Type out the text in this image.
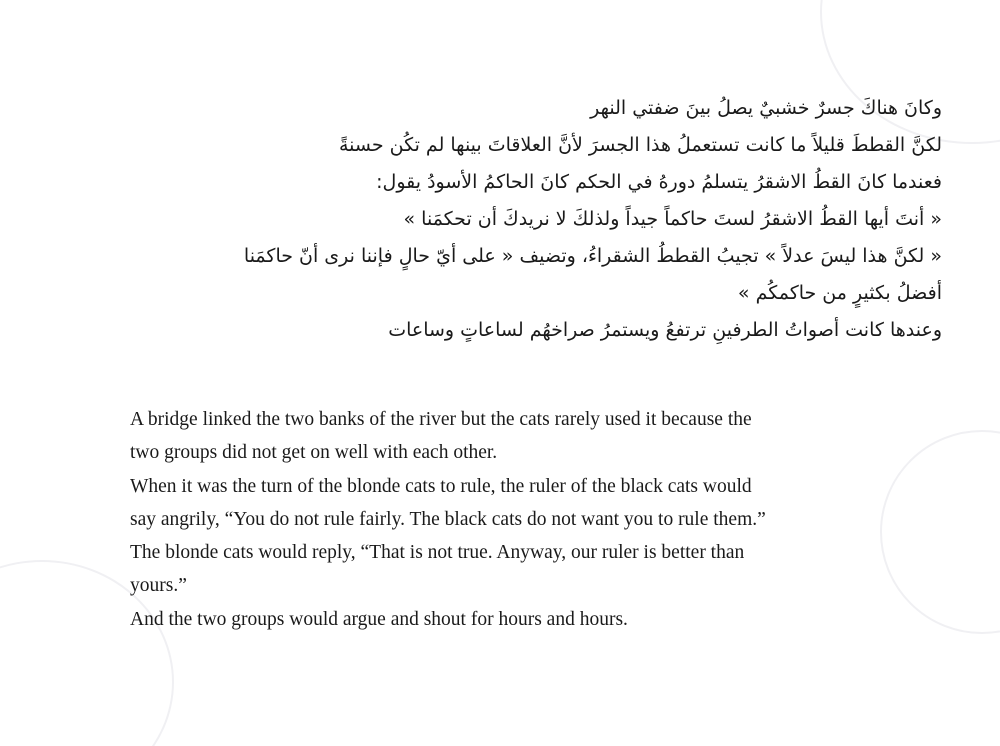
وكانَ هناكَ جسرٌ خشبيٌ يصلُ بينَ ضفتي النهر
لكنَّ القططَ قليلاً ما كانت تستعملُ هذا الجسرَ لأنَّ العلاقاتَ بينها لم تكُن حسنةً
فعندما كانَ القطُ الاشقرُ يتسلمُ دورهُ في الحكم كانَ الحاكمُ الأسودُ يقول:
« أنتَ أيها القطُ الاشقرُ لستَ حاكماً جيداً ولذلكَ لا نريدكَ أن تحكمَنا »
« لكنَّ هذا ليسَ عدلاً » تجيبُ القططُ الشقراءُ، وتضيف « على أيّ حالٍ فإننا نرى أنّ حاكمَنا
أفضلُ بكثيرٍ من حاكمكُم »
وعندها كانت أصواتُ الطرفينِ ترتفعُ ويستمرُ صراخهُم لساعاتٍ وساعات
A bridge linked the two banks of the river but the cats rarely used it because the
two groups did not get on well with each other.
When it was the turn of the blonde cats to rule, the ruler of the black cats would
say angrily, “You do not rule fairly. The black cats do not want you to rule them.”
The blonde cats would reply, “That is not true. Anyway, our ruler is better than
yours.”
And the two groups would argue and shout for hours and hours.
